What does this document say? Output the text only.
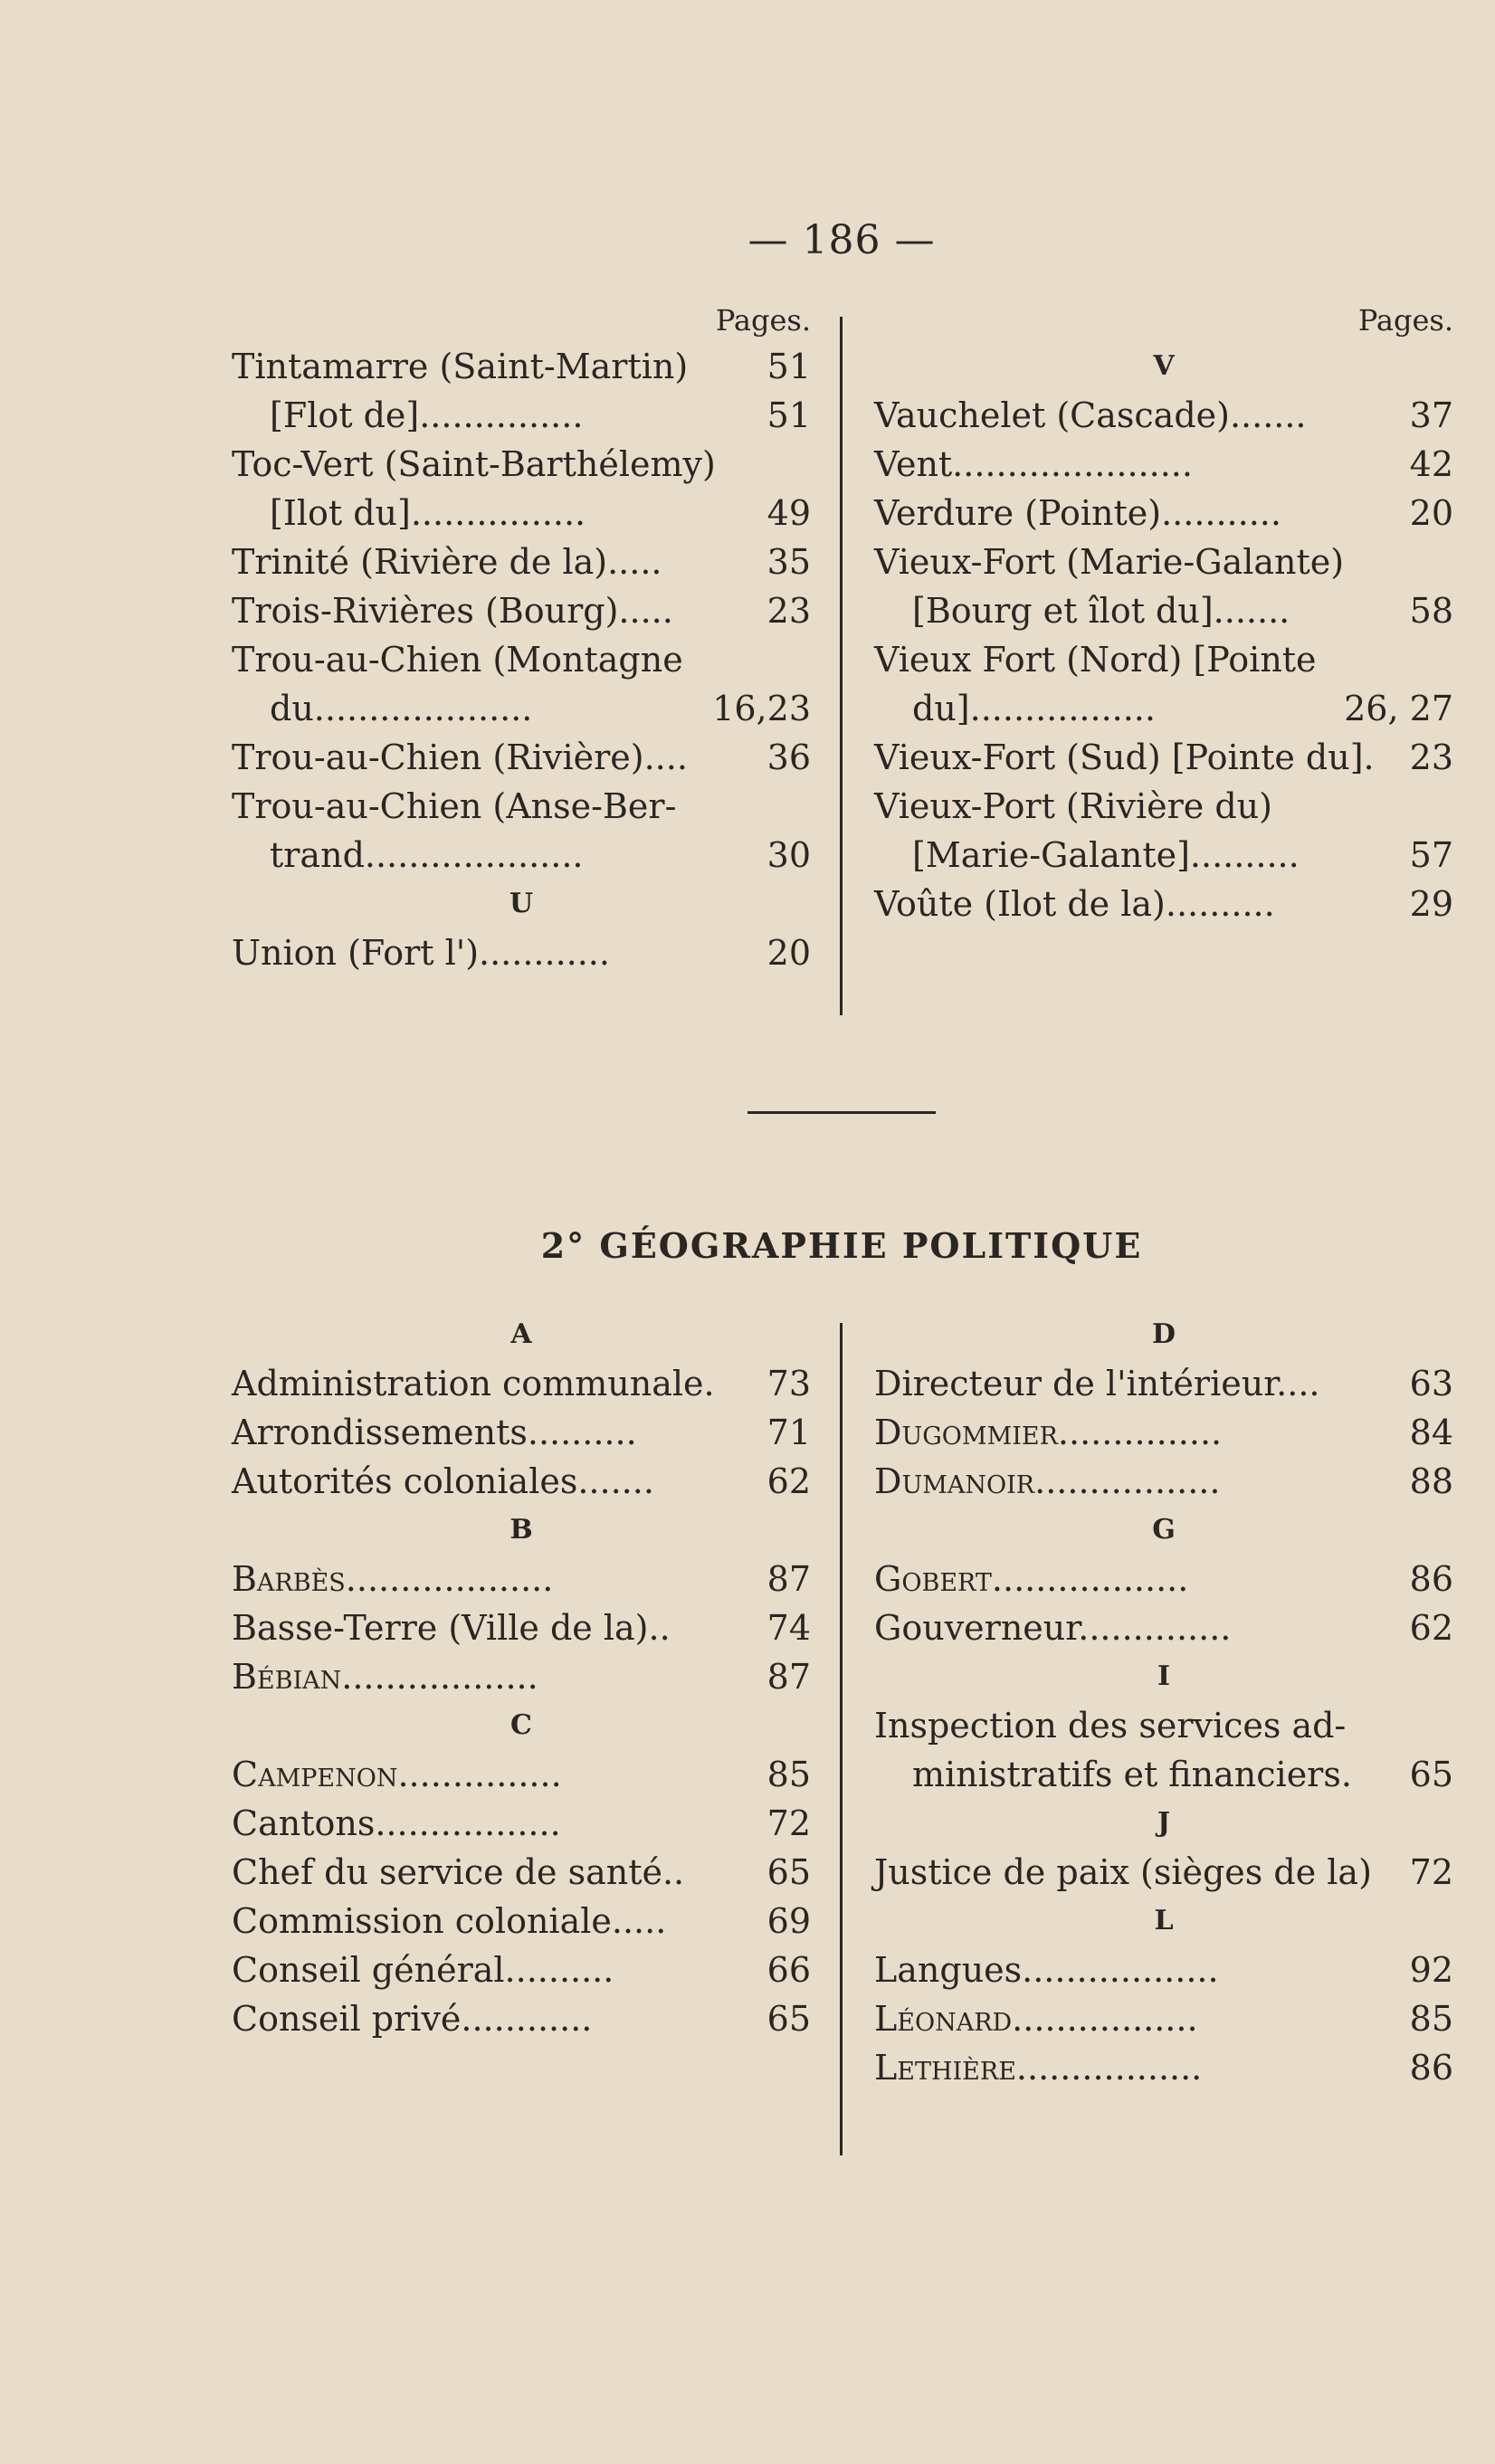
— 186 —
Pages.
Tintamarre (Saint-Martin)	51
[Flot de]...............	51
Toc-Vert (Saint-Barthélemy)
[Ilot du]................	49
Trinité (Rivière de la).....	35
Trois-Rivières (Bourg).....	23
Trou-au-Chien (Montagne
du....................	16,23
Trou-au-Chien (Rivière)....	36
Trou-au-Chien (Anse-Ber-
trand....................	30
U
Union (Fort l')............	20
Pages.
V
Vauchelet (Cascade).......	37
Vent......................	42
Verdure (Pointe)...........	20
Vieux-Fort (Marie-Galante)
[Bourg et îlot du].......	58
Vieux Fort (Nord) [Pointe
du].................	26, 27
Vieux-Fort (Sud) [Pointe du].	23
Vieux-Port (Rivière du)
[Marie-Galante]..........	57
Voûte (Ilot de la)..........	29
2° GÉOGRAPHIE POLITIQUE
A
Administration communale.	73
Arrondissements..........	71
Autorités coloniales.......	62
B
Barbès...................	87
Basse-Terre (Ville de la)..	74
Bébian..................	87
C
Campenon...............	85
Cantons.................	72
Chef du service de santé..	65
Commission coloniale.....	69
Conseil général..........	66
Conseil privé............	65
D
Directeur de l'intérieur....	63
Dugommier...............	84
Dumanoir.................	88
G
Gobert..................	86
Gouverneur..............	62
I
Inspection des services ad-
ministratifs et financiers.	65
J
Justice de paix (sièges de la)	72
L
Langues..................	92
Léonard.................	85
Lethière.................	86
